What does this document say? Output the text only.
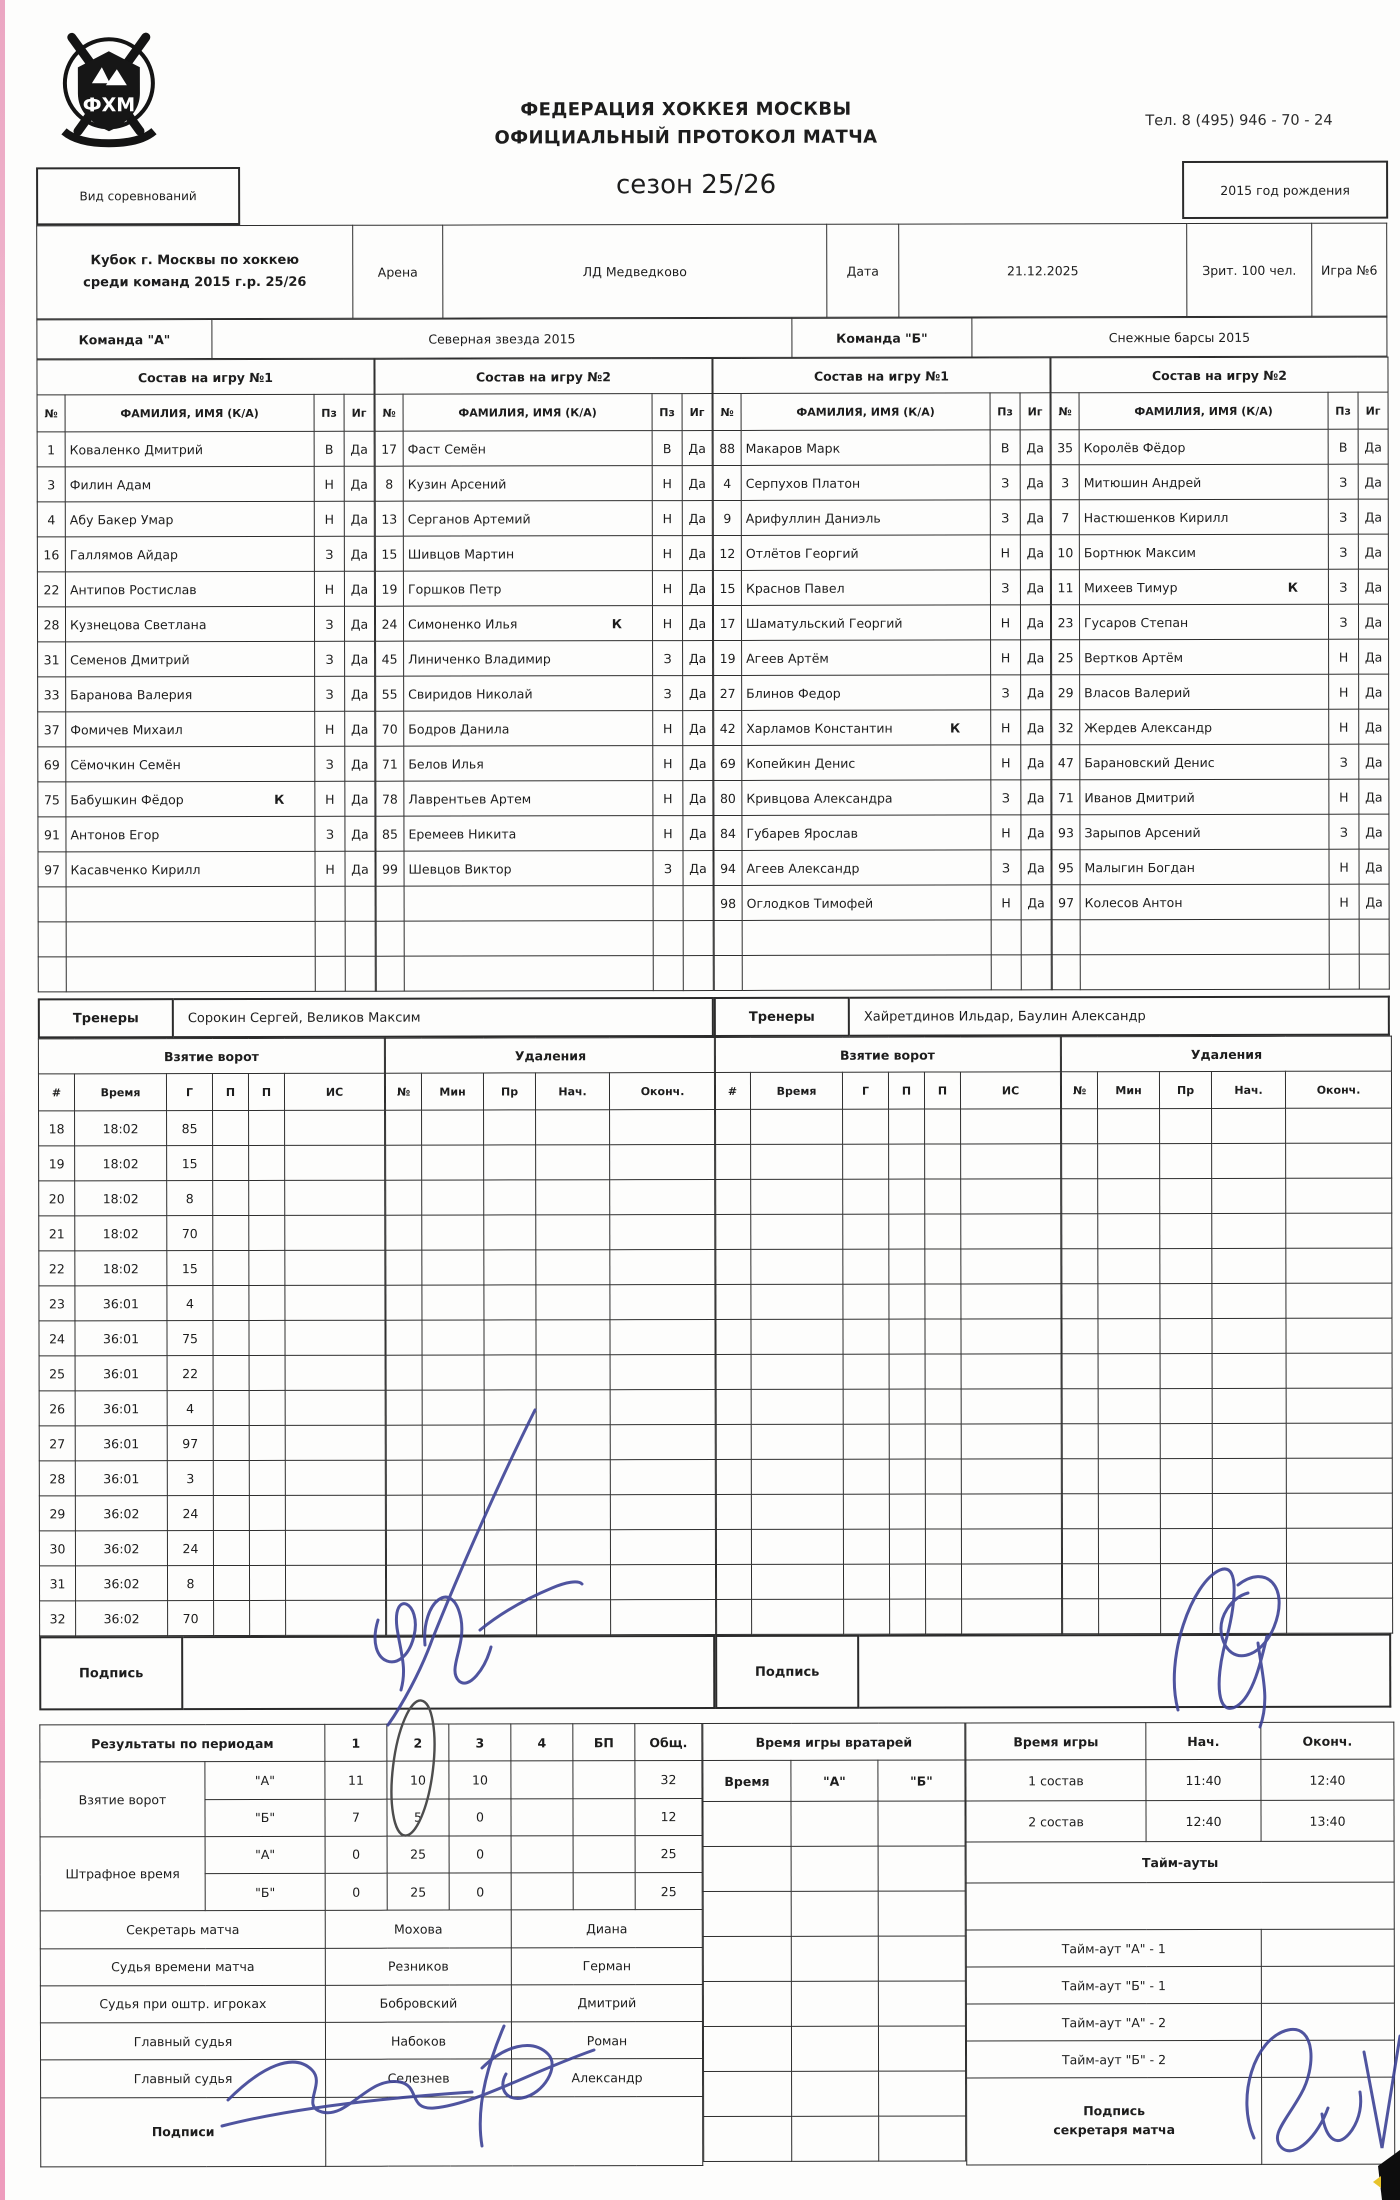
ФХМ	ФЕДЕРАЦИЯ ХОККЕЯ МОСКВЫ
ОФИЦИАЛЬНЫЙ ПРОТОКОЛ МАТЧА
Тел. 8 (495) 946 - 70 - 24
Вид соревнований	сезон 25/26	2015 год рождения
Кубок г. Москвы по хоккею
среди команд 2015 г.р. 25/26	Арена	ЛД Медведково	Дата	21.12.2025	Зрит. 100 чел.	Игра №6
Команда "А"	Северная звезда 2015	Команда "Б"	Снежные барсы 2015
Состав на игру №1			
№	ФАМИЛИЯ, ИМЯ (К/А)	Пз	Иг
1	Коваленко Дмитрий	В	Да
3	Филин Адам	Н	Да
4	Абу Бакер Умар	Н	Да
16	Галлямов Айдар	З	Да
22	Антипов Ростислав	Н	Да
28	Кузнецова Светлана	З	Да
31	Семенов Дмитрий	З	Да
33	Баранова Валерия	З	Да
37	Фомичев Михаил	Н	Да
69	Сёмочкин Семён	З	Да
75	Бабушкин Фёдор К	Н	Да
91	Антонов Егор	З	Да
97	Касавченко Кирилл	Н	Да

Состав на игру №2			
№	ФАМИЛИЯ, ИМЯ (К/А)	Пз	Иг
17	Фаст Семён	В	Да
8	Кузин Арсений	Н	Да
13	Серганов Артемий	Н	Да
15	Шивцов Мартин	Н	Да
19	Горшков Петр	Н	Да
24	Симоненко Илья К	Н	Да
45	Линиченко Владимир	З	Да
55	Свиридов Николай	З	Да
70	Бодров Данила	Н	Да
71	Белов Илья	Н	Да
78	Лаврентьев Артем	Н	Да
85	Еремеев Никита	Н	Да
99	Шевцов Виктор	З	Да

Состав на игру №1			
№	ФАМИЛИЯ, ИМЯ (К/А)	Пз	Иг
88	Макаров Марк	В	Да
4	Серпухов Платон	З	Да
9	Арифуллин Даниэль	З	Да
12	Отлётов Георгий	Н	Да
15	Краснов Павел	З	Да
17	Шаматульский Георгий	Н	Да
19	Агеев Артём	Н	Да
27	Блинов Федор	З	Да
42	Харламов Константин К	Н	Да
69	Копейкин Денис	Н	Да
80	Кривцова Александра	З	Да
84	Губарев Ярослав	Н	Да
94	Агеев Александр	З	Да
98	Оглодков Тимофей	Н	Да

Состав на игру №2			
№	ФАМИЛИЯ, ИМЯ (К/А)	Пз	Иг
35	Королёв Фёдор	В	Да
3	Митюшин Андрей	З	Да
7	Настюшенков Кирилл	З	Да
10	Бортнюк Максим	З	Да
11	Михеев Тимур К	З	Да
23	Гусаров Степан	З	Да
25	Вертков Артём	Н	Да
29	Власов Валерий	Н	Да
32	Жердев Александр	Н	Да
47	Барановский Денис	З	Да
71	Иванов Дмитрий	Н	Да
93	Зарыпов Арсений	З	Да
95	Малыгин Богдан	Н	Да
97	Колесов Антон	Н	Да

Тренеры	Сорокин Сергей, Великов Максим	Тренеры	Хайретдинов Ильдар, Баулин Александр
Взятие ворот					
#	Время	Г	П	П	ИС
18	18:02	85			
19	18:02	15			
20	18:02	8			
21	18:02	70			
22	18:02	15			
23	36:01	4			
24	36:01	75			
25	36:01	22			
26	36:01	4			
27	36:01	97			
28	36:01	3			
29	36:02	24			
30	36:02	24			
31	36:02	8			
32	36:02	70			
Удаления				
№	Мин	Пр	Нач.	Оконч.

Взятие ворот					
#	Время	Г	П	П	ИС

Удаления				
№	Мин	Пр	Нач.	Оконч.

Подпись	Подпись
Результаты по периодам		1	2	3	4	БП	Общ.
Взятие ворот	"А"	11	10	10			32
	"Б"	7	5	0			12
Штрафное время	"А"	0	25	0			25
	"Б"	0	25	0			25
Секретарь матча		Мохова			Диана		
Судья времени матча		Резников			Герман		
Судья при оштр. игроках		Бобровский			Дмитрий		
Главный судья		Набоков			Роман		
Главный судья		Селезнев			Александр		
Подписи							
Время игры вратарей		
Время	"А"	"Б"

Время игры	Нач.	Оконч.
1 состав	11:40	12:40
2 состав	12:40	13:40
Тайм-ауты		

Тайм-аут "А" - 1		
Тайм-аут "Б" - 1		
Тайм-аут "А" - 2		
Тайм-аут "Б" - 2		
Подпись
секретаря матча		
